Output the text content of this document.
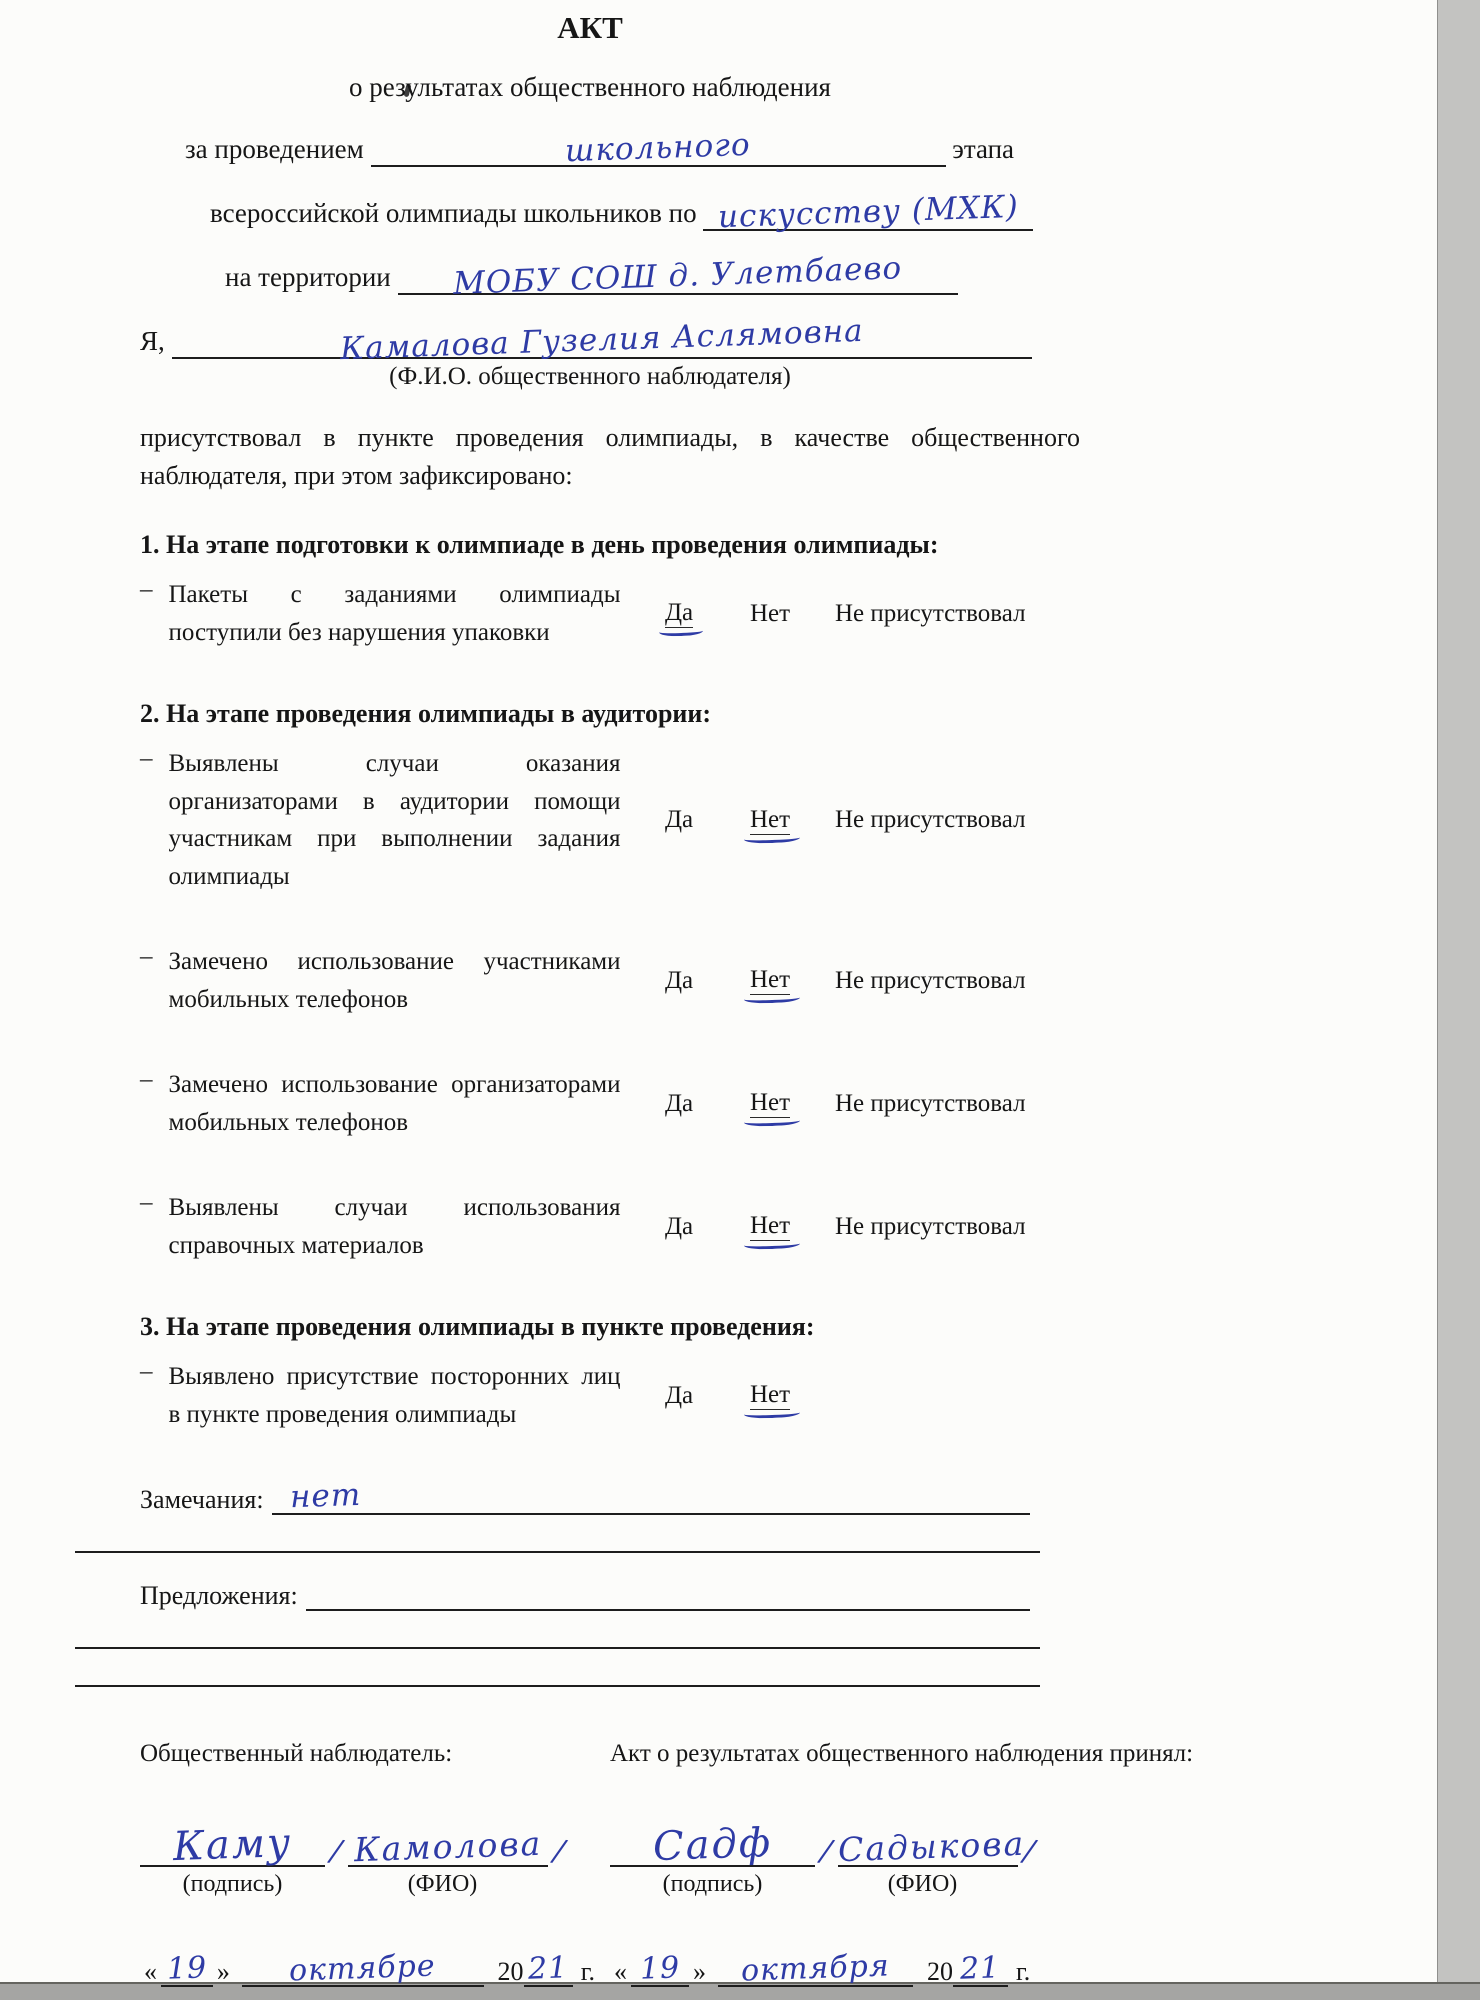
АКТ
о результатах общественного наблюдения
за проведением	школьного	этапа
всероссийской олимпиады школьников по искусству (МХК)
на территории МОБУ СОШ д. Улетбаево
Я,	Камалова Гузелия Аслямовна
(Ф.И.О. общественного наблюдателя)
присутствовал в пункте проведения олимпиады, в качестве общественного наблюдателя, при этом зафиксировано:
1. На этапе подготовки к олимпиаде в день проведения олимпиады:
– Пакеты с заданиями олимпиады поступили без нарушения упаковки
Да Нет Не присутствовал
2. На этапе проведения олимпиады в аудитории:
– Выявлены случаи оказания организаторами в аудитории помощи участникам при выполнении задания олимпиады
Да Нет Не присутствовал
– Замечено использование участниками мобильных телефонов
Да Нет Не присутствовал
– Замечено использование организаторами мобильных телефонов
Да Нет Не присутствовал
– Выявлены случаи использования справочных материалов
Да Нет Не присутствовал
3. На этапе проведения олимпиады в пункте проведения:
– Выявлено присутствие посторонних лиц в пункте проведения олимпиады
Да Нет
Замечания: нет
Предложения:
Общественный наблюдатель:
Каму	/ Камолова /
(подпись)	(ФИО)
« 19 »	октябре	20 21 г.
Акт о результатах общественного наблюдения принял:
Садф	/ Садыкова
/
(подпись)	(ФИО)
« 19 »	октября	20 21 г.
